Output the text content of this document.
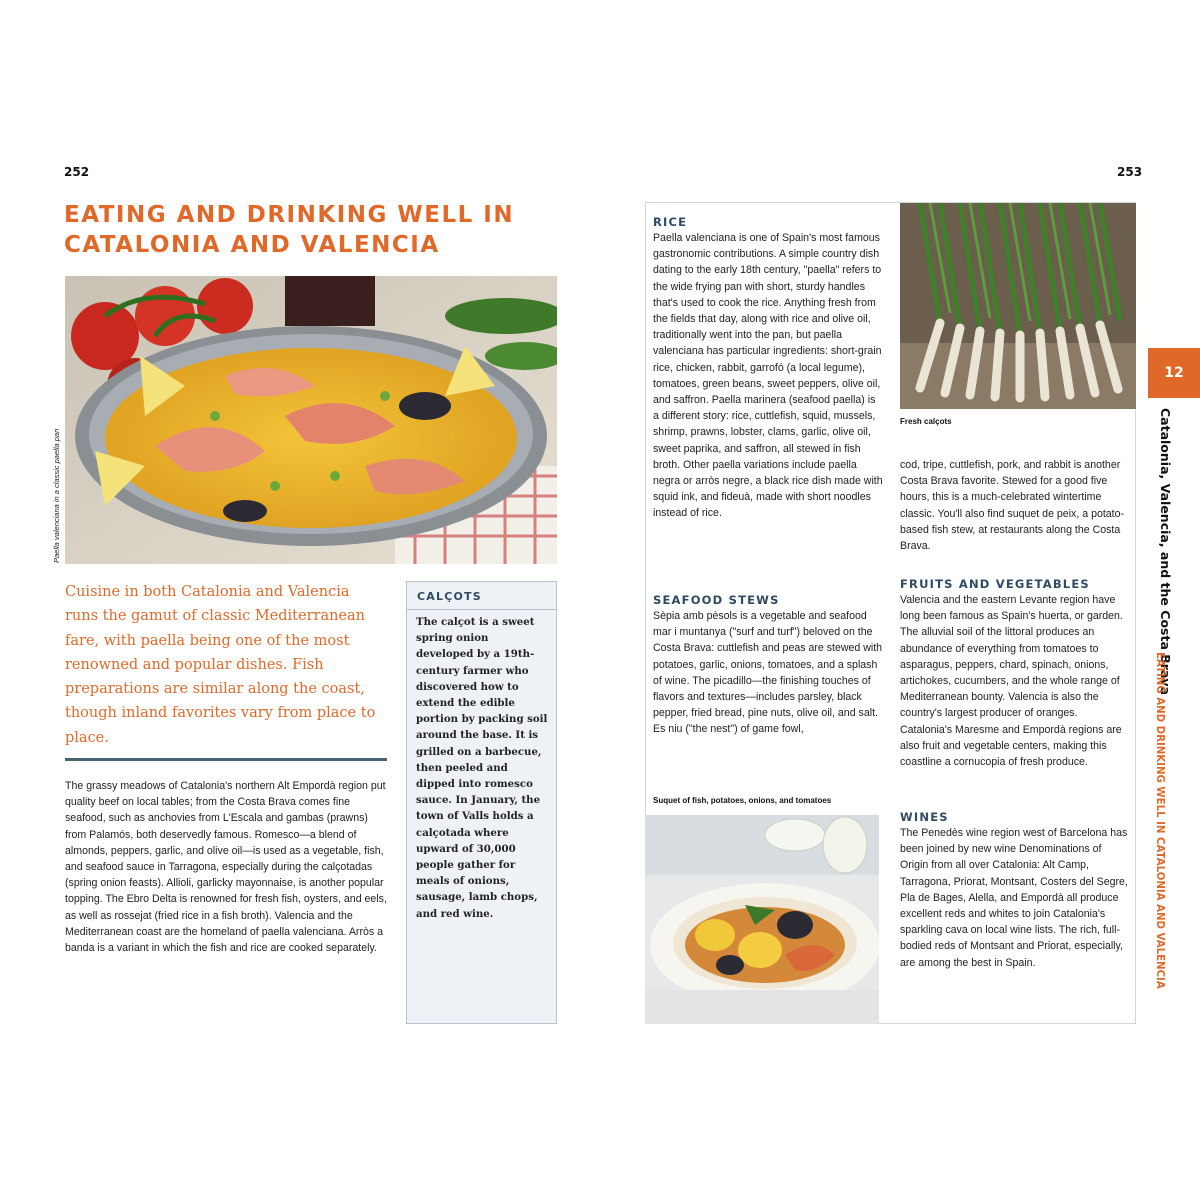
252
EATING AND DRINKING WELL IN
CATALONIA AND VALENCIA
Paella valenciana in a classic paella pan
Cuisine in both Catalonia and Valencia runs the gamut of classic Mediterranean fare, with paella being one of the most renowned and popular dishes. Fish preparations are similar along the coast, though inland favorites vary from place to place.
The grassy meadows of Catalonia's northern Alt Empordà region put quality beef on local tables; from the Costa Brava comes fine seafood, such as anchovies from L'Escala and gambas (prawns) from Palamós, both deservedly famous. Romesco—a blend of almonds, peppers, garlic, and olive oil—is used as a vegetable, fish, and seafood sauce in Tarragona, especially during the calçotadas (spring onion feasts). Allioli, garlicky mayonnaise, is another popular topping. The Ebro Delta is renowned for fresh fish, oysters, and eels, as well as rossejat (fried rice in a fish broth). Valencia and the Mediterranean coast are the homeland of paella valenciana. Arròs a banda is a variant in which the fish and rice are cooked separately.
CALÇOTS
The calçot is a sweet spring onion developed by a 19th-century farmer who discovered how to extend the edible portion by packing soil around the base. It is grilled on a barbecue, then peeled and dipped into romesco sauce. In January, the town of Valls holds a calçotada where upward of 30,000 people gather for meals of onions, sausage, lamb chops, and red wine.
253
RICE
Paella valenciana is one of Spain's most famous gastronomic contributions. A simple country dish dating to the early 18th century, "paella" refers to the wide frying pan with short, sturdy handles that's used to cook the rice. Anything fresh from the fields that day, along with rice and olive oil, traditionally went into the pan, but paella valenciana has particular ingredients: short-grain rice, chicken, rabbit, garrofó (a local legume), tomatoes, green beans, sweet peppers, olive oil, and saffron. Paella marinera (seafood paella) is a different story: rice, cuttlefish, squid, mussels, shrimp, prawns, lobster, clams, garlic, olive oil, sweet paprika, and saffron, all stewed in fish broth. Other paella variations include paella negra or arròs negre, a black rice dish made with squid ink, and fideuà, made with short noodles instead of rice.
SEAFOOD STEWS
Sèpia amb pèsols is a vegetable and seafood mar i muntanya ("surf and turf") beloved on the Costa Brava: cuttlefish and peas are stewed with potatoes, garlic, onions, tomatoes, and a splash of wine. The picadillo—the finishing touches of flavors and textures—includes parsley, black pepper, fried bread, pine nuts, olive oil, and salt. Es niu ("the nest") of game fowl,
Suquet of fish, potatoes, onions, and tomatoes
Fresh calçots
cod, tripe, cuttlefish, pork, and rabbit is another Costa Brava favorite. Stewed for a good five hours, this is a much-celebrated wintertime classic. You'll also find suquet de peix, a potato-based fish stew, at restaurants along the Costa Brava.
FRUITS AND VEGETABLES
Valencia and the eastern Levante region have long been famous as Spain's huerta, or garden. The alluvial soil of the littoral produces an abundance of everything from tomatoes to asparagus, peppers, chard, spinach, onions, artichokes, cucumbers, and the whole range of Mediterranean bounty. Valencia is also the country's largest producer of oranges. Catalonia's Maresme and Empordà regions are also fruit and vegetable centers, making this coastline a cornucopia of fresh produce.
WINES
The Penedès wine region west of Barcelona has been joined by new wine Denominations of Origin from all over Catalonia: Alt Camp, Tarragona, Priorat, Montsant, Costers del Segre, Pla de Bages, Alella, and Empordà all produce excellent reds and whites to join Catalonia's sparkling cava on local wine lists. The rich, full-bodied reds of Montsant and Priorat, especially, are among the best in Spain.
12
Catalonia, Valencia, and the Costa Brava
EATING AND DRINKING WELL IN CATALONIA AND VALENCIA
